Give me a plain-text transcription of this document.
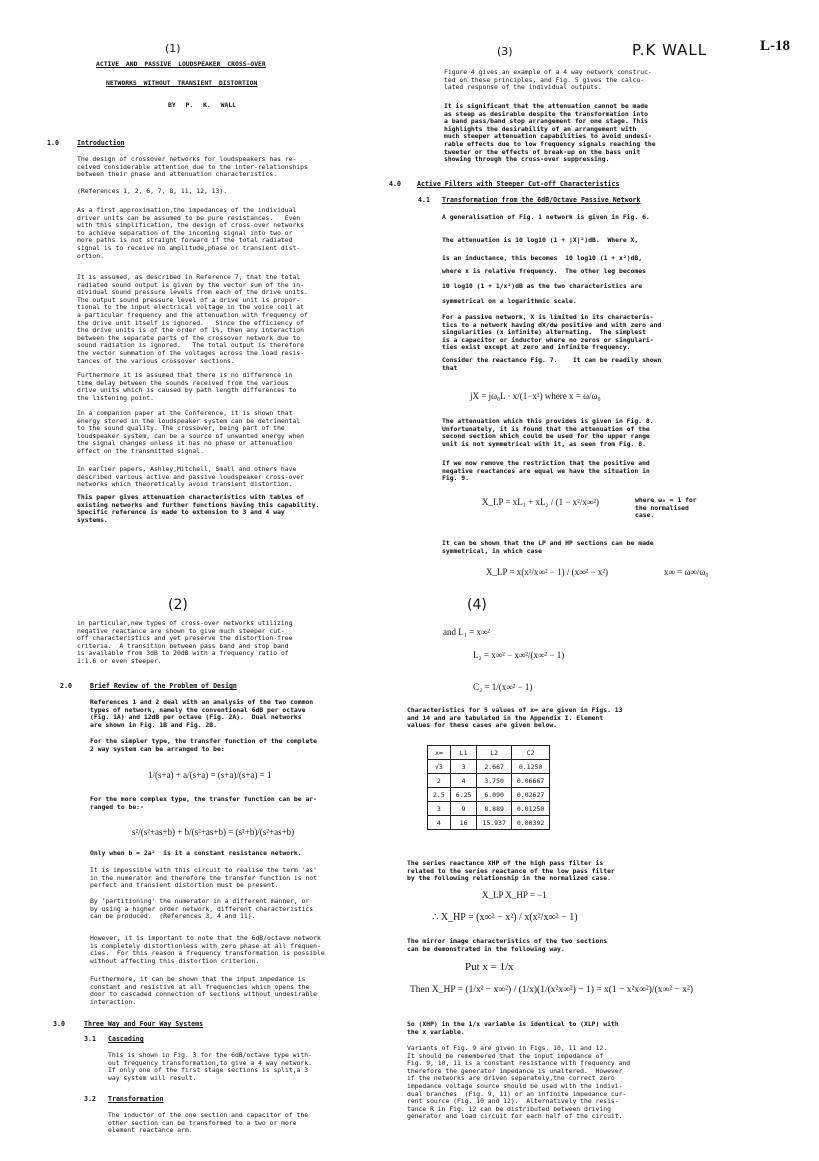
P.K WALL	L-18
(1)

ACTIVE AND PASSIVE LOUDSPEAKER CROSS-OVER

NETWORKS WITHOUT TRANSIENT DISTORTION

BY P. K. WALL

1.0	Introduction

The design of crossover networks for loudspeakers has re-
ceived considerable attention due to the inter-relationships
between their phase and attenuation characteristics.

(References 1, 2, 6, 7, 8, 11, 12, 13).

As a first approximation,the impedances of the individual
driver units can be assumed to be pure resistances.   Even
with this simplification, the design of cross-over networks
to achieve separation of the incoming signal into two or
more paths is not straight forward if the total radiated
signal is to receive no amplitude,phase or transient dist-
ortion.

It is assumed, as described in Reference 7, that the total
radiated sound output is given by the vector sum of the in-
dividual sound pressure levels from each of the drive units.
The output sound pressure level of a drive unit is propor-
tional to the input electrical voltage in the voice coil at
a particular frequency and the attenuation with frequency of
the drive unit itself is ignored.   Since the efficiency of
the drive units is of the order of 1%, then any interaction
between the separate parts of the crossover network due to
sound radiation is ignored.   The total output is therefore
the vector summation of the voltages across the load resis-
tances of the various crossover sections.

Furthermore it is assumed that there is no difference in
time delay between the sounds received from the various
drive units which is caused by path length differences to
the listening point.

In a companion paper at the Conference, it is shown that
energy stored in the loudspeaker system can be detrimental
to the sound quality. The crossover, being part of the
loudspeaker system, can be a source of unwanted energy when
the signal changes unless it has no phase or attenuation
effect on the transmitted signal.

In earlier papers, Ashley,Mitchell, Small and others have
described various active and passive loudspeaker cross-over
networks which theoretically avoid transient distortion.

This paper gives attenuation characteristics with tables of
existing networks and further functions having this capability.
Specific reference is made to extension to 3 and 4 way
systems.

(2)

in particular,new types of cross-over networks utilizing
negative reactance are shown to give much steeper cut-
off characteristics and yet preserve the distortion-free
criteria.  A transition between pass band and stop band
is available from 3dB to 20dB with a frequency ratio of
1:1.6 or even steeper.

2.0	Brief Review of the Problem of Design

References 1 and 2 deal with an analysis of the two common
types of network, namely the conventional 6dB per octave
(Fig. 1A) and 12dB per octave (Fig. 2A).  Dual networks
are shown in Fig. 1B and Fig. 2B.

For the simpler type, the transfer function of the complete
2 way system can be arranged to be:

1/(s+a) + a/(s+a) = (s+a)/(s+a) = 1

For the more complex type, the transfer function can be ar-
ranged to be:-

s²/(s²+as+b) + b/(s²+as+b) = (s²+b)/(s²+as+b)

Only when b = 2a²  is it a constant resistance network.

It is impossible with this circuit to realise the term 'as'
in the numerator and therefore the transfer function is not
perfect and transient distortion must be present.

By 'partitioning' the numerator in a different manner, or
by using a higher order network, different characteristics
can be produced.  (References 3, 4 and 11).

However, it is important to note that the 6dB/octave network
is completely distortionless with zero phase at all frequen-
cies.  For this reason a frequency transformation is possible
without affecting this distortion criterion.

Furthermore, it can be shown that the input impedance is
constant and resistive at all frequencies which opens the
door to cascaded connection of sections without undesirable
interaction.

3.0	Three Way and Four Way Systems

3.1 Cascading

This is shown in Fig. 3 for the 6dB/octave type with-
out frequency transformation,to give a 4 way network.
If only one of the first stage sections is split,a 3
way system will result.

3.2 Transformation

The inductor of the one section and capacitor of the
other section can be transformed to a two or more
element reactance arm.

(3)

Figure 4 gives an example of a 4 way network construc-
ted on these principles, and Fig. 5 gives the calcu-
lated response of the individual outputs.

It is significant that the attenuation cannot be made
as steep as desirable despite the transformation into
a band pass/band stop arrangement for one stage. This
highlights the desirability of an arrangement with
much steeper attenuation capabilities to avoid undesi-
rable effects due to low frequency signals reaching the
tweeter or the effects of break-up on the bass unit
showing through the cross-over suppressing.

4.0 Active Filters with Steeper Cut-off Characteristics

4.1 Transformation from the 6dB/Octave Passive Network

A generalisation of Fig. 1 network is given in Fig. 6.

The attenuation is 10 log10 (1 + |X|²)dB.  Where X,
is an inductance, this becomes  10 log10 (1 + x²)dB,

where x is relative frequency.  The other leg becomes
10 log10 (1 + 1/x²)dB as the two characteristics are
symmetrical on a logarithmic scale.

For a passive network, X is limited in its characteris-
tics to a network having dX/dω positive and with zero and
singularities (x infinite) alternating.  The simplest
is a capacitor or inductor where no zeros or singulari-
ties exist except at zero and infinite frequency.

Consider the reactance Fig. 7.    It can be readily shown
that

jX = jω₀L · x/(1−x²) where x = ω/ω₀

The attenuation which this provides is given in Fig. 8.
Unfortunately, it is found that the attenuation of the
second section which could be used for the upper range
unit is not symmetrical with it, as seen from Fig. 8.

If we now remove the restriction that the positive and
negative reactances are equal we have the situation in
Fig. 9.

X_LP = xL₁ + xL₂ / (1 − x²/x∞²)	where ω₀ = 1 for
the normalised
case.

It can be shown that the LP and HP sections can be made
symmetrical, in which case

X_LP = x(x²/x∞² − 1) / (x∞² − x²)	x∞ = ω∞/ω₀
(4)
and L₁ = x∞²
L₂ = x∞² − x∞²/(x∞² − 1)
C₂ = 1/(x∞² − 1)

Characteristics for 5 values of x∞ are given in Figs. 13
and 14 and are tabulated in the Appendix I. Element
values for these cases are given below.

x∞	L1	L2	C2
√3	3	2.667	0.1250
2	4	3.750	0.06667
2.5	6.25	6.090	0.02627
3	9	8.889	0.01250
4	16	15.937	0.00392

The series reactance XHP of the high pass filter is
related to the series reactance of the low pass filter
by the following relationship in the normalized case.

X_LP X_HP = −1
∴ X_HP = (x∞² − x²) / x(x²/x∞² − 1)

The mirror image characteristics of the two sections
can be demonstrated in the following way.

Put x = 1/x
Then X_HP = (1/x² − x∞²) / (1/x)(1/(x²x∞²) − 1) = x(1 − x²x∞²)/(x∞² − x²)

So (XHP) in the 1/x variable is identical to (XLP) with
the x variable.

Variants of Fig. 9 are given in Figs. 10, 11 and 12.
It should be remembered that the input impedance of
Fig. 9, 10, 11 is a constant resistance with frequency and
therefore the generator impedance is unaltered.  However
if the networks are driven separately,the correct zero
impedance voltage source should be used with the indivi-
dual branches  (Fig. 9, 11) or an infinite impedance cur-
rent source (Fig. 10 and 12).  Alternatively the resis-
tance R in Fig. 12 can be distributed between driving
generator and load circuit for each half of the circuit.
